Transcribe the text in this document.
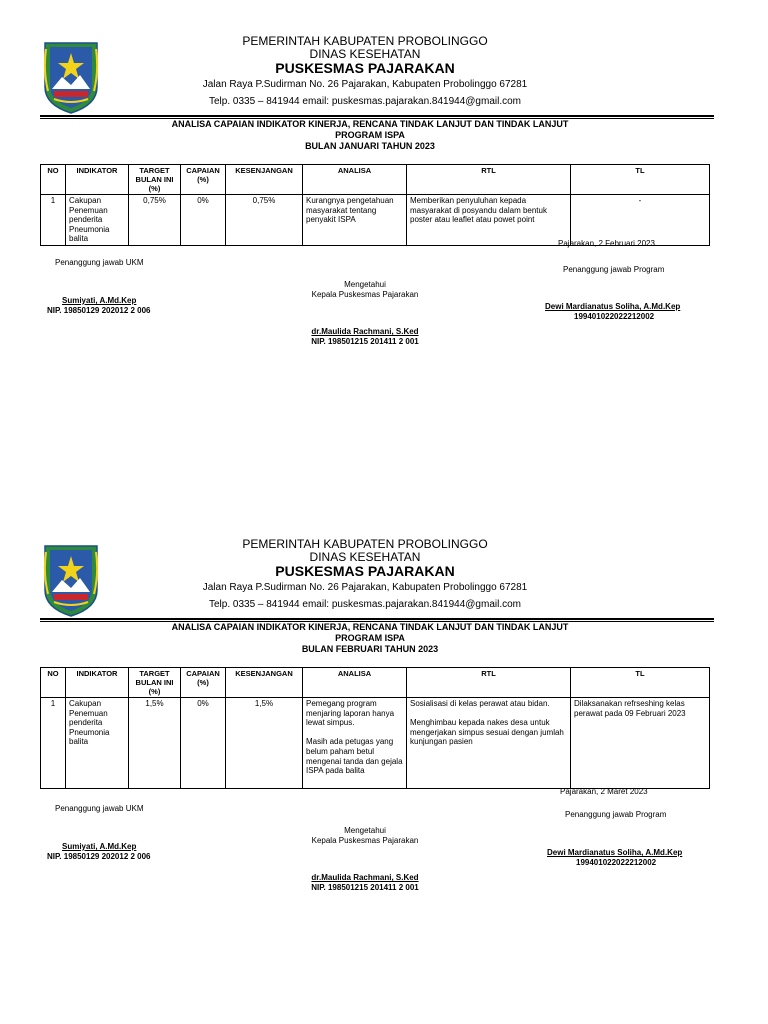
PEMERINTAH KABUPATEN PROBOLINGGO
DINAS KESEHATAN
PUSKESMAS PAJARAKAN
Jalan Raya P.Sudirman No. 26 Pajarakan, Kabupaten Probolinggo 67281
Telp. 0335 – 841944 email: puskesmas.pajarakan.841944@gmail.com
ANALISA CAPAIAN INDIKATOR KINERJA, RENCANA TINDAK LANJUT DAN TINDAK LANJUT
PROGRAM ISPA
BULAN JANUARI TAHUN 2023
NO	INDIKATOR	TARGET BULAN INI (%)	CAPAIAN (%)	KESENJANGAN	ANALISA	RTL	TL
1	Cakupan Penemuan penderita Pneumonia balita	0,75%	0%	0,75%	Kurangnya pengetahuan masyarakat tentang penyakit ISPA	Memberikan penyuluhan kepada masyarakat di posyandu dalam bentuk poster atau leaflet atau powet point	-
Pajarakan, 2 Februari 2023
Penanggung jawab UKM
Sumiyati, A.Md.Kep
NIP. 19850129 202012 2 006
Mengetahui
Kepala Puskesmas Pajarakan
dr.Maulida Rachmani, S.Ked
NIP. 198501215 201411 2 001
Penanggung jawab Program
Dewi Mardianatus Soliha, A.Md.Kep
199401022022212002
PEMERINTAH KABUPATEN PROBOLINGGO
DINAS KESEHATAN
PUSKESMAS PAJARAKAN
Jalan Raya P.Sudirman No. 26 Pajarakan, Kabupaten Probolinggo 67281
Telp. 0335 – 841944 email: puskesmas.pajarakan.841944@gmail.com
ANALISA CAPAIAN INDIKATOR KINERJA, RENCANA TINDAK LANJUT DAN TINDAK LANJUT
PROGRAM ISPA
BULAN FEBRUARI TAHUN 2023
NO	INDIKATOR	TARGET BULAN INI (%)	CAPAIAN (%)	KESENJANGAN	ANALISA	RTL	TL
1	Cakupan Penemuan penderita Pneumonia balita	1,5%	0%	1,5%	Pemegang program menjaring laporan hanya lewat simpus.

Masih ada petugas yang belum paham betul mengenai tanda dan gejala ISPA pada balita	Sosialisasi di kelas perawat atau bidan.

Menghimbau kepada nakes desa untuk mengerjakan simpus sesuai dengan jumlah kunjungan pasien	Dilaksanakan refrseshing kelas perawat pada 09 Februari 2023
Pajarakan, 2 Maret 2023
Penanggung jawab UKM
Sumiyati, A.Md.Kep
NIP. 19850129 202012 2 006
Mengetahui
Kepala Puskesmas Pajarakan
dr.Maulida Rachmani, S.Ked
NIP. 198501215 201411 2 001
Penanggung jawab Program
Dewi Mardianatus Soliha, A.Md.Kep
199401022022212002
